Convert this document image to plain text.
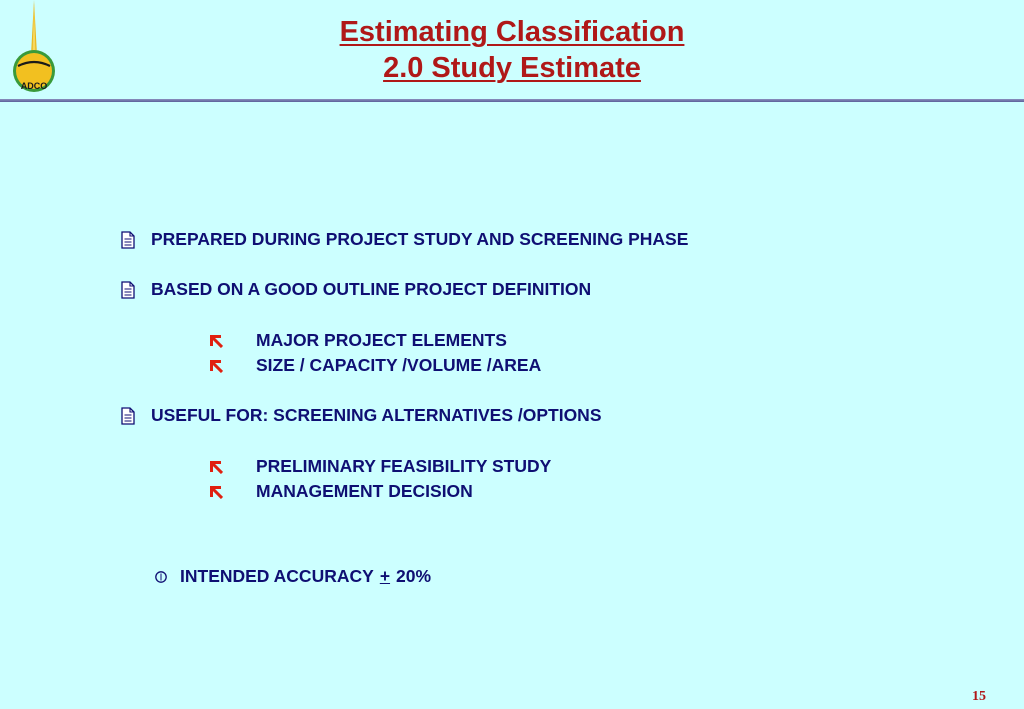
ADCO
Estimating Classification
2.0 Study Estimate
PREPARED DURING PROJECT STUDY AND SCREENING PHASE
BASED ON A GOOD OUTLINE PROJECT DEFINITION
MAJOR PROJECT ELEMENTS
SIZE / CAPACITY /VOLUME /AREA
USEFUL FOR: SCREENING ALTERNATIVES /OPTIONS
PRELIMINARY FEASIBILITY STUDY
MANAGEMENT DECISION
INTENDED ACCURACY + 20%
15
